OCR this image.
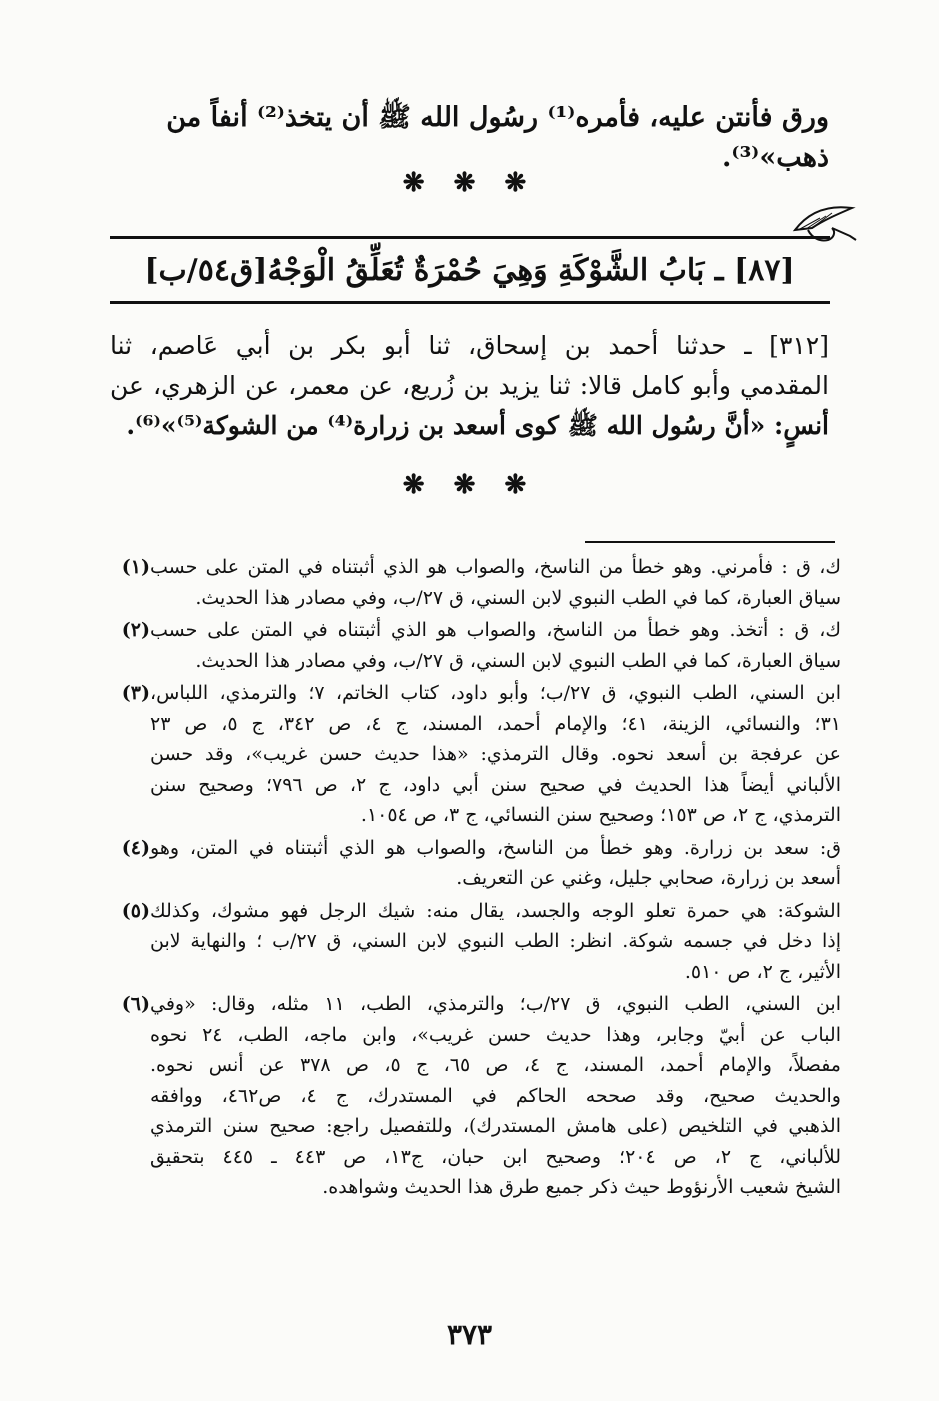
ورق فأنتن عليه، فأمره⁽¹⁾ رسُول الله ﷺ أن يتخذ⁽²⁾ أنفاً من ذهب»⁽³⁾.
❋ ❋ ❋
[٨٧] ـ بَابُ الشَّوْكَةِ وَهِيَ حُمْرَةٌ تُعَلِّقُ الْوَجْهُ[ق٥٤/ب]
[٣١٢] ـ حدثنا أحمد بن إسحاق، ثنا أبو بكر بن أبي عَاصم، ثنا
المقدمي وأبو كامل قالا: ثنا يزيد بن زُريع، عن معمر، عن الزهري، عن
أنسٍ: «أنَّ رسُول الله ﷺ كوى أسعد بن زرارة⁽⁴⁾ من الشوكة⁽⁵⁾»⁽⁶⁾.
❋ ❋ ❋
(١) ك، ق : فأمرني. وهو خطأ من الناسخ، والصواب هو الذي أثبتناه في المتن على حسب
سياق العبارة، كما في الطب النبوي لابن السني، ق ٢٧/ب، وفي مصادر هذا الحديث.
(٢) ك، ق : أتخذ. وهو خطأ من الناسخ، والصواب هو الذي أثبتناه في المتن على حسب
سياق العبارة، كما في الطب النبوي لابن السني، ق ٢٧/ب، وفي مصادر هذا الحديث.
(٣) ابن السني، الطب النبوي، ق ٢٧/ب؛ وأبو داود، كتاب الخاتم، ٧؛ والترمذي، اللباس،
٣١؛ والنسائي، الزينة، ٤١؛ والإمام أحمد، المسند، ج ٤، ص ٣٤٢، ج ٥، ص ٢٣
عن عرفجة بن أسعد نحوه. وقال الترمذي: «هذا حديث حسن غريب»، وقد حسن
الألباني أيضاً هذا الحديث في صحيح سنن أبي داود، ج ٢، ص ٧٩٦؛ وصحيح سنن
الترمذي، ج ٢، ص ١٥٣؛ وصحيح سنن النسائي، ج ٣، ص ١٠٥٤.
(٤) ق: سعد بن زرارة. وهو خطأ من الناسخ، والصواب هو الذي أثبتناه في المتن، وهو
أسعد بن زرارة، صحابي جليل، وغني عن التعريف.
(٥) الشوكة: هي حمرة تعلو الوجه والجسد، يقال منه: شيك الرجل فهو مشوك، وكذلك
إذا دخل في جسمه شوكة. انظر: الطب النبوي لابن السني، ق ٢٧/ب ؛ والنهاية لابن
الأثير، ج ٢، ص ٥١٠.
(٦) ابن السني، الطب النبوي، ق ٢٧/ب؛ والترمذي، الطب، ١١ مثله، وقال: «وفي
الباب عن أبيّ وجابر، وهذا حديث حسن غريب»، وابن ماجه، الطب، ٢٤ نحوه
مفصلاً، والإمام أحمد، المسند، ج ٤، ص ٦٥، ج ٥، ص ٣٧٨ عن أنس نحوه.
والحديث صحيح، وقد صححه الحاكم في المستدرك، ج ٤، ص٤٦٢، ووافقه
الذهبي في التلخيص (على هامش المستدرك)، وللتفصيل راجع: صحيح سنن الترمذي
للألباني، ج ٢، ص ٢٠٤؛ وصحيح ابن حبان، ج١٣، ص ٤٤٣ ـ ٤٤٥ بتحقيق
الشيخ شعيب الأرنؤوط حيث ذكر جميع طرق هذا الحديث وشواهده.
٣٧٣
